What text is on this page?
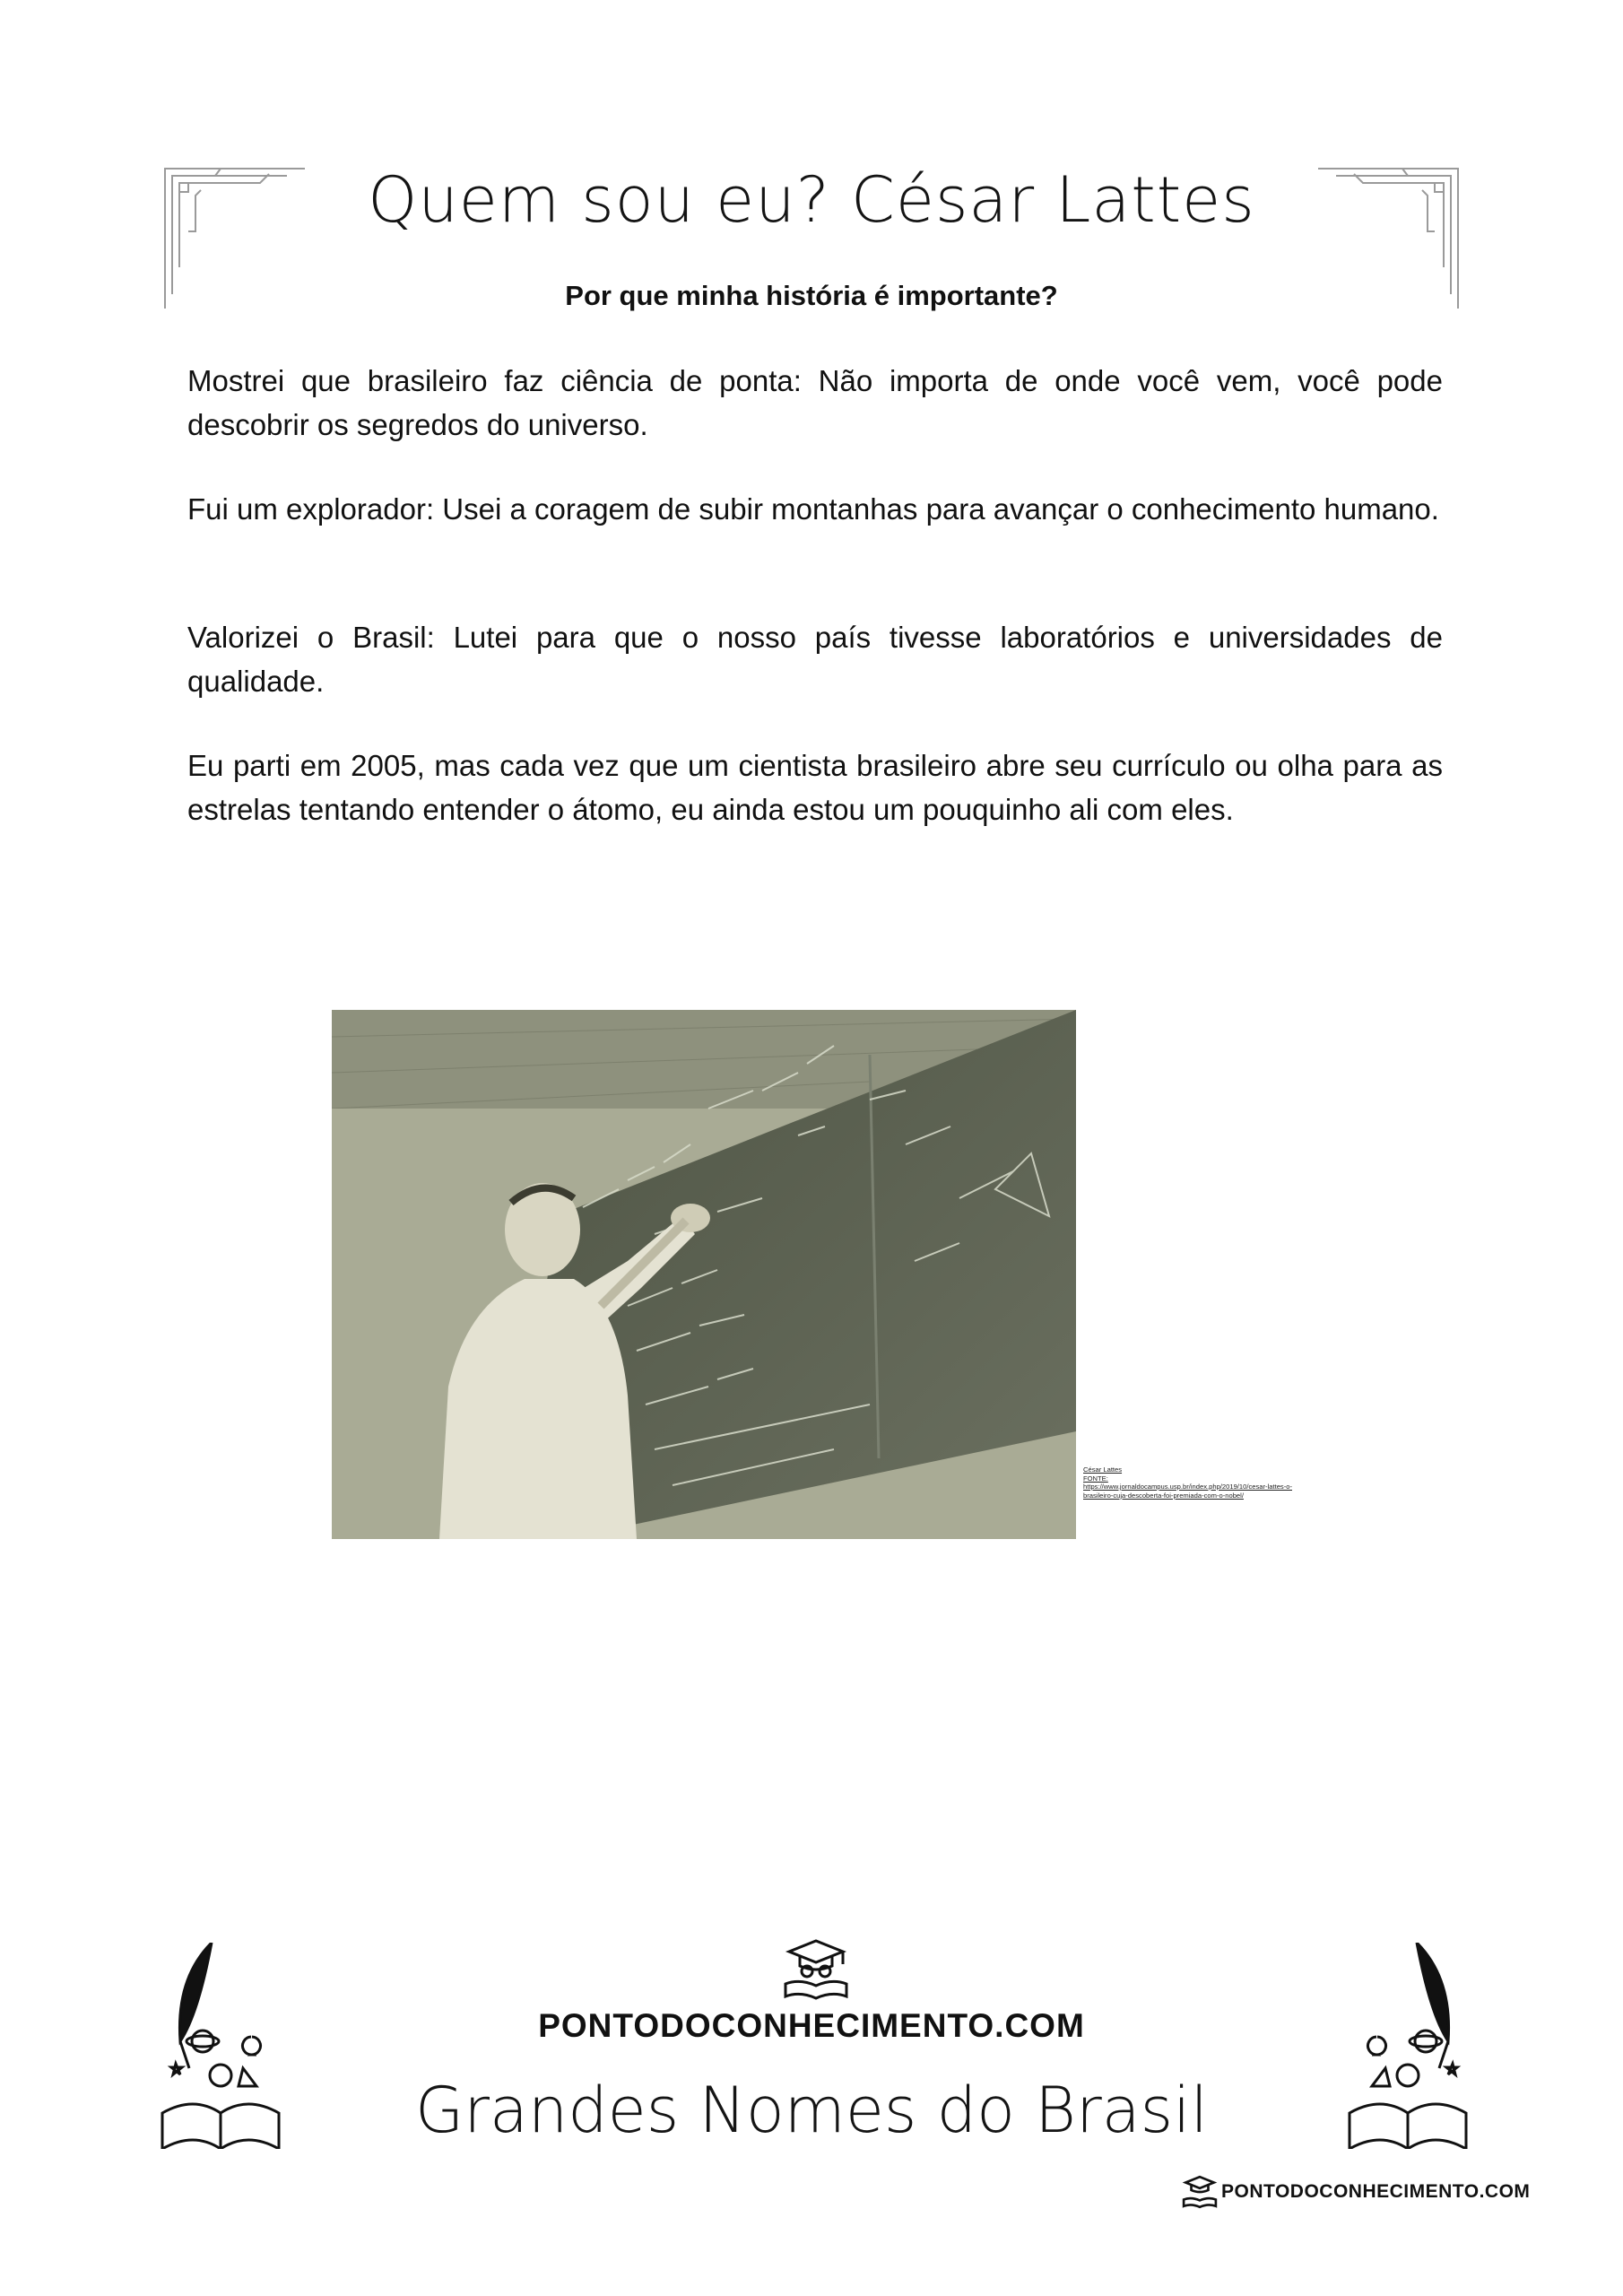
Quem sou eu? César Lattes
Por que minha história é importante?

Mostrei que brasileiro faz ciência de ponta: Não importa de onde você vem, você pode descobrir os segredos do universo.

Fui um explorador: Usei a coragem de subir montanhas para avançar o conhecimento humano.

Valorizei o Brasil: Lutei para que o nosso país tivesse laboratórios e universidades de qualidade.

Eu parti em 2005, mas cada vez que um cientista brasileiro abre seu currículo ou olha para as estrelas tentando entender o átomo, eu ainda estou um pouquinho ali com eles.

César Lattes
FONTE:
https://www.jornaldocampus.usp.br/index.php/2019/10/cesar-lattes-o-brasileiro-cuja-descoberta-foi-premiada-com-o-nobel/
PONTODOCONHECIMENTO.COM
Grandes Nomes do Brasil
PONTODOCONHECIMENTO.COM
